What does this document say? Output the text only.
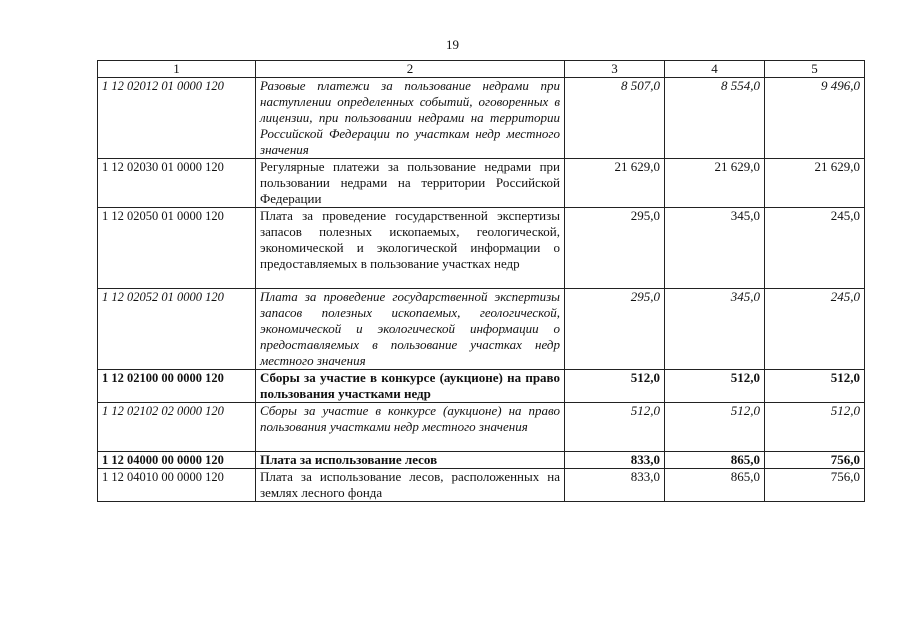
19
1	2	3	4	5
1 12 02012 01 0000 120	Разовые платежи за пользование недрами при наступлении определенных событий, оговоренных в лицензии, при пользовании недрами на территории Российской Федерации по участкам недр местного значения	8 507,0	8 554,0	9 496,0
1 12 02030 01 0000 120	Регулярные платежи за пользование недрами при пользовании недрами на территории Российской Федерации	21 629,0	21 629,0	21 629,0
1 12 02050 01 0000 120	Плата за проведение государственной экспертизы запасов полезных ископаемых, геологической, экономической и экологической информации о предоставляемых в пользование участках недр	295,0	345,0	245,0
1 12 02052 01 0000 120	Плата за проведение государственной экспертизы запасов полезных ископаемых, геологической, экономической и экологической информации о предоставляемых в пользование участках недр местного значения	295,0	345,0	245,0
1 12 02100 00 0000 120	Сборы за участие в конкурсе (аукционе) на право пользования участками недр	512,0	512,0	512,0
1 12 02102 02 0000 120	Сборы за участие в конкурсе (аукционе) на право пользования участками недр местного значения	512,0	512,0	512,0
1 12 04000 00 0000 120	Плата за использование лесов	833,0	865,0	756,0
1 12 04010 00 0000 120	Плата за использование лесов, расположенных на землях лесного фонда	833,0	865,0	756,0
